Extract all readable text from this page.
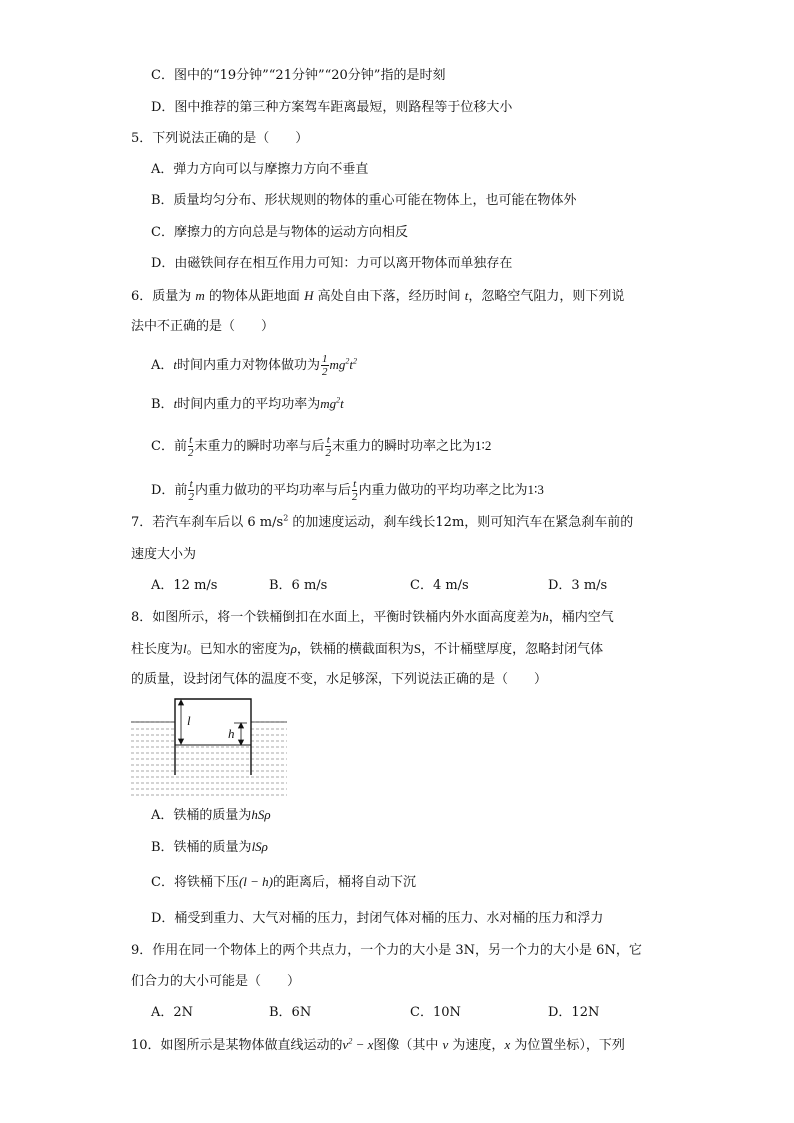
C．图中的“19分钟”“21分钟”“20分钟”指的是时刻
D．图中推荐的第三种方案驾车距离最短，则路程等于位移大小
5．下列说法正确的是（　　）
A．弹力方向可以与摩擦力方向不垂直
B．质量均匀分布、形状规则的物体的重心可能在物体上，也可能在物体外
C．摩擦力的方向总是与物体的运动方向相反
D．由磁铁间存在相互作用力可知：力可以离开物体而单独存在
6．质量为 m 的物体从距地面 H 高处自由下落，经历时间 t，忽略空气阻力，则下列说
法中不正确的是（　　）
A．t时间内重力对物体做功为 $\frac{1}{2} mg^2t^2$
B．t时间内重力的平均功率为$mg^2t$
C．前 $\frac{t}{2}$ 末重力的瞬时功率与后 $\frac{t}{2}$ 末重力的瞬时功率之比为1∶2
D．前 $\frac{t}{2}$ 内重力做功的平均功率与后 $\frac{t}{2}$ 内重力做功的平均功率之比为1∶3
7．若汽车刹车后以 6 $m/s^2$ 的加速度运动，刹车线长12m，则可知汽车在紧急刹车前的
速度大小为
A．12 m/s	B．6 m/s	C．4 m/s	D．3 m/s
8．如图所示，将一个铁桶倒扣在水面上，平衡时铁桶内外水面高度差为h，桶内空气
柱长度为l。已知水的密度为ρ，铁桶的横截面积为S，不计桶壁厚度，忽略封闭气体
的质量，设封闭气体的温度不变，水足够深，下列说法正确的是（　　）
l
h
A．铁桶的质量为hSρ
B．铁桶的质量为lSρ
C．将铁桶下压(l − h)的距离后，桶将自动下沉
D．桶受到重力、大气对桶的压力，封闭气体对桶的压力、水对桶的压力和浮力
9．作用在同一个物体上的两个共点力，一个力的大小是 3N，另一个力的大小是 6N，它
们合力的大小可能是（　　）
A．2N	B．6N	C．10N	D．12N
10．如图所示是某物体做直线运动的$v^2 - x$图像（其中 v 为速度，x 为位置坐标），下列
